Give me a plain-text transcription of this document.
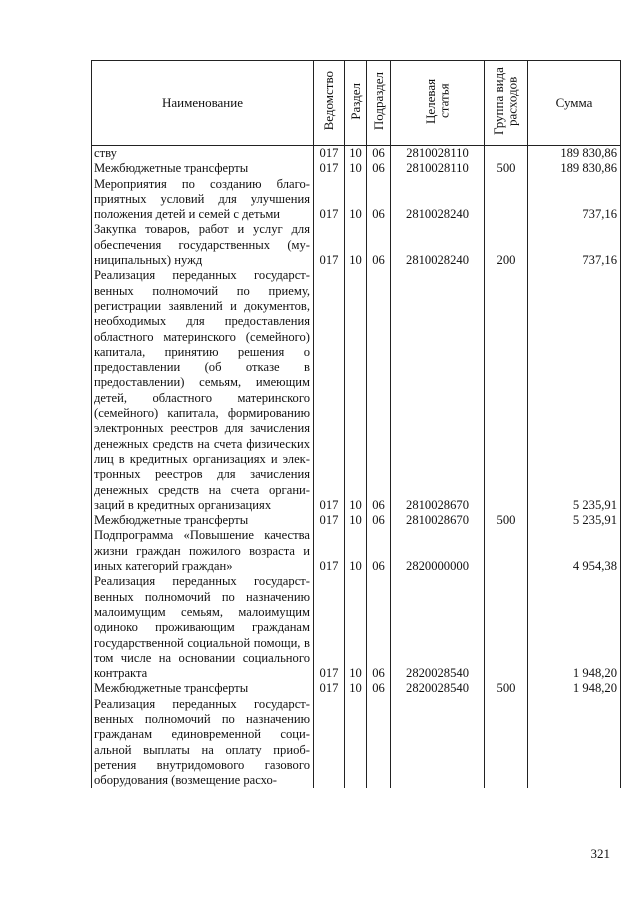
Наименование	Ведомство	Раздел	Подраздел	Целевая статья	Группа вида расходов	Сумма
ству	017	10	06	2810028110		189 830,86
Межбюджетные трансферты	017	10	06	2810028110	500	189 830,86
Мероприятия по созданию благоприятных условий для улучшения положения детей и семей с детьми	017	10	06	2810028240		737,16
Закупка товаров, работ и услуг для обеспечения государственных (муниципальных) нужд	017	10	06	2810028240	200	737,16
Реализация переданных государственных полномочий по приему, регистрации заявлений и документов, необходимых для предоставления областного материнского (семейного) капитала, принятию решения о предоставлении (об отказе в предоставлении) семьям, имеющим детей, областного материнского (семейного) капитала, формированию электронных реестров для зачисления денежных средств на счета физических лиц в кредитных организациях и электронных реестров для зачисления денежных средств на счета организаций в кредитных организациях	017	10	06	2810028670		5 235,91
Межбюджетные трансферты	017	10	06	2810028670	500	5 235,91
Подпрограмма «Повышение качества жизни граждан пожилого возраста и иных категорий граждан»	017	10	06	2820000000		4 954,38
Реализация переданных государственных полномочий по назначению малоимущим семьям, малоимущим одиноко проживающим гражданам государственной социальной помощи, в том числе на основании социального контракта	017	10	06	2820028540		1 948,20
Межбюджетные трансферты	017	10	06	2820028540	500	1 948,20
Реализация переданных государственных полномочий по назначению гражданам единовременной социальной выплаты на оплату приобретения внутридомового газового оборудования (возмещение расхо-						
321
